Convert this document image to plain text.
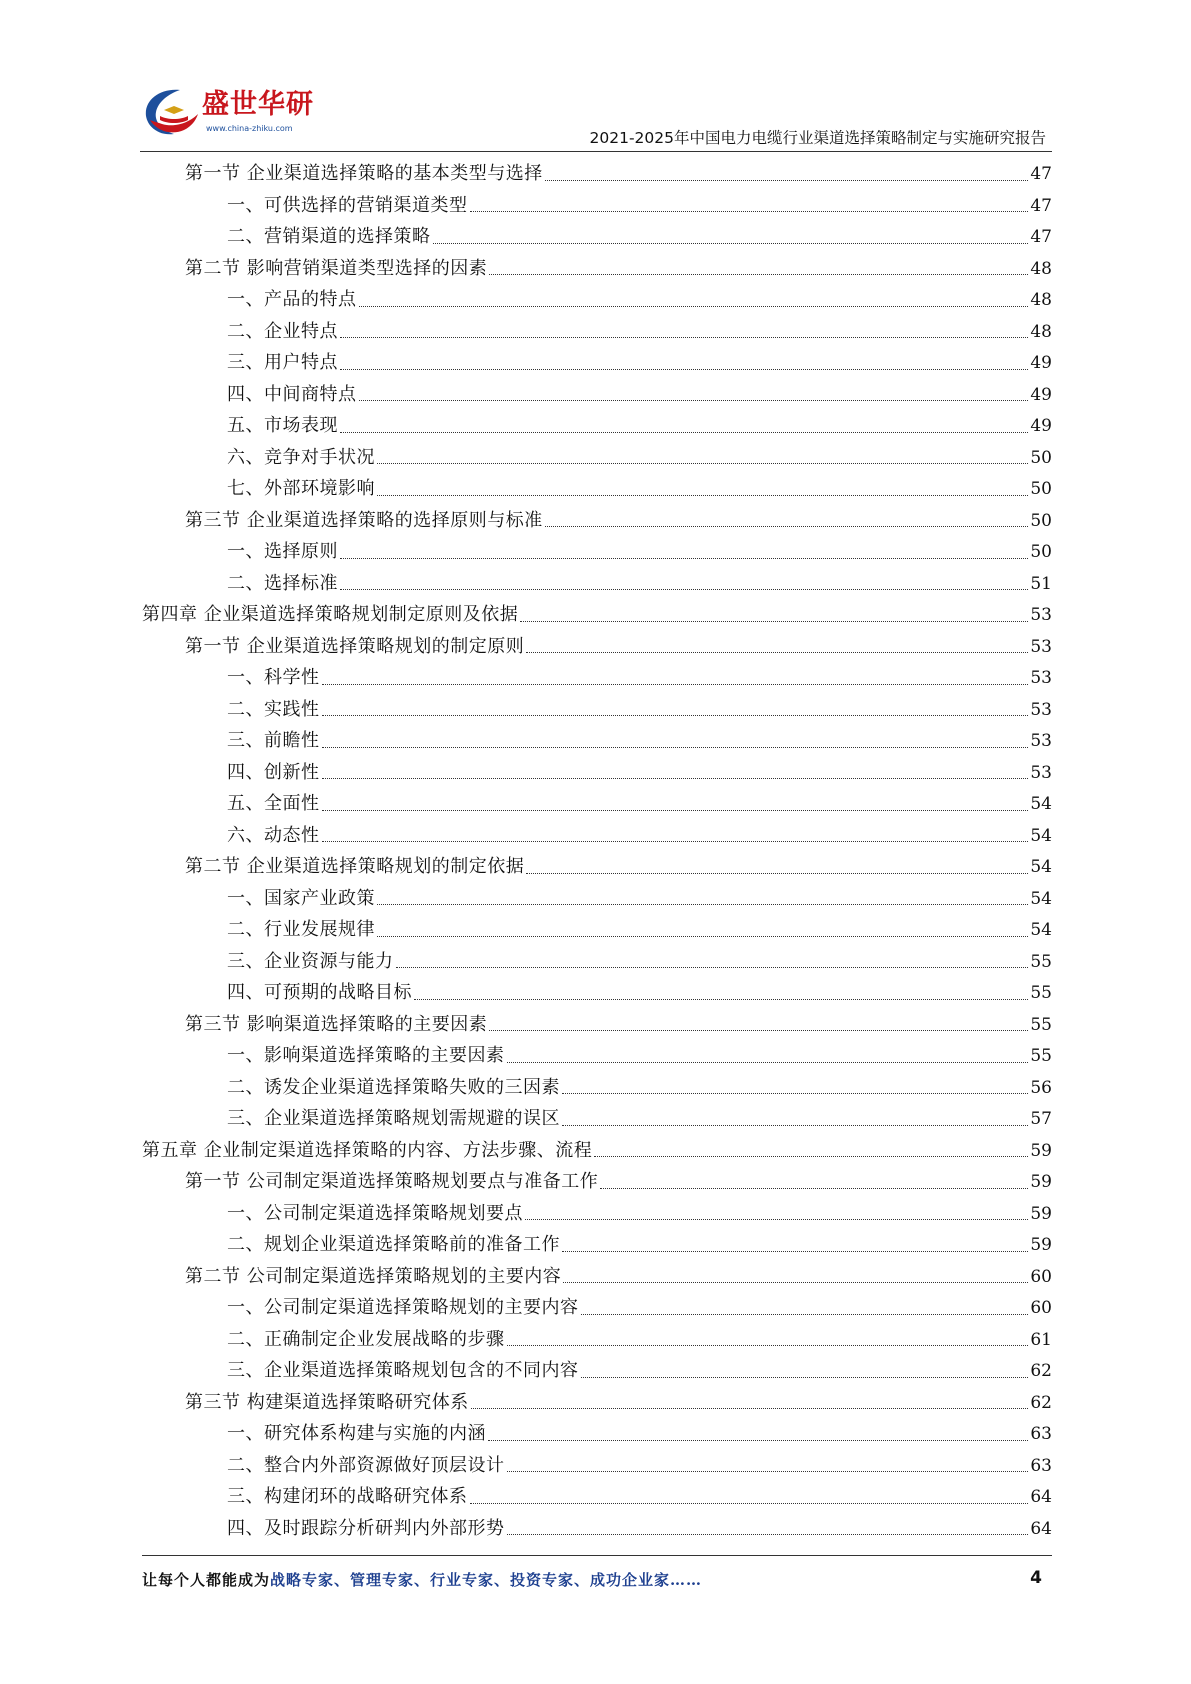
盛世华研
www.china-zhiku.com
2021-2025年中国电力电缆行业渠道选择策略制定与实施研究报告
第一节 企业渠道选择策略的基本类型与选择	47
一、可供选择的营销渠道类型	47
二、营销渠道的选择策略	47
第二节 影响营销渠道类型选择的因素	48
一、产品的特点	48
二、企业特点	48
三、用户特点	49
四、中间商特点	49
五、市场表现	49
六、竞争对手状况	50
七、外部环境影响	50
第三节 企业渠道选择策略的选择原则与标准	50
一、选择原则	50
二、选择标准	51
第四章 企业渠道选择策略规划制定原则及依据	53
第一节 企业渠道选择策略规划的制定原则	53
一、科学性	53
二、实践性	53
三、前瞻性	53
四、创新性	53
五、全面性	54
六、动态性	54
第二节 企业渠道选择策略规划的制定依据	54
一、国家产业政策	54
二、行业发展规律	54
三、企业资源与能力	55
四、可预期的战略目标	55
第三节 影响渠道选择策略的主要因素	55
一、影响渠道选择策略的主要因素	55
二、诱发企业渠道选择策略失败的三因素	56
三、企业渠道选择策略规划需规避的误区	57
第五章 企业制定渠道选择策略的内容、方法步骤、流程	59
第一节 公司制定渠道选择策略规划要点与准备工作	59
一、公司制定渠道选择策略规划要点	59
二、规划企业渠道选择策略前的准备工作	59
第二节 公司制定渠道选择策略规划的主要内容	60
一、公司制定渠道选择策略规划的主要内容	60
二、正确制定企业发展战略的步骤	61
三、企业渠道选择策略规划包含的不同内容	62
第三节 构建渠道选择策略研究体系	62
一、研究体系构建与实施的内涵	63
二、整合内外部资源做好顶层设计	63
三、构建闭环的战略研究体系	64
四、及时跟踪分析研判内外部形势	64
让每个人都能成为战略专家、管理专家、行业专家、投资专家、成功企业家……	4
